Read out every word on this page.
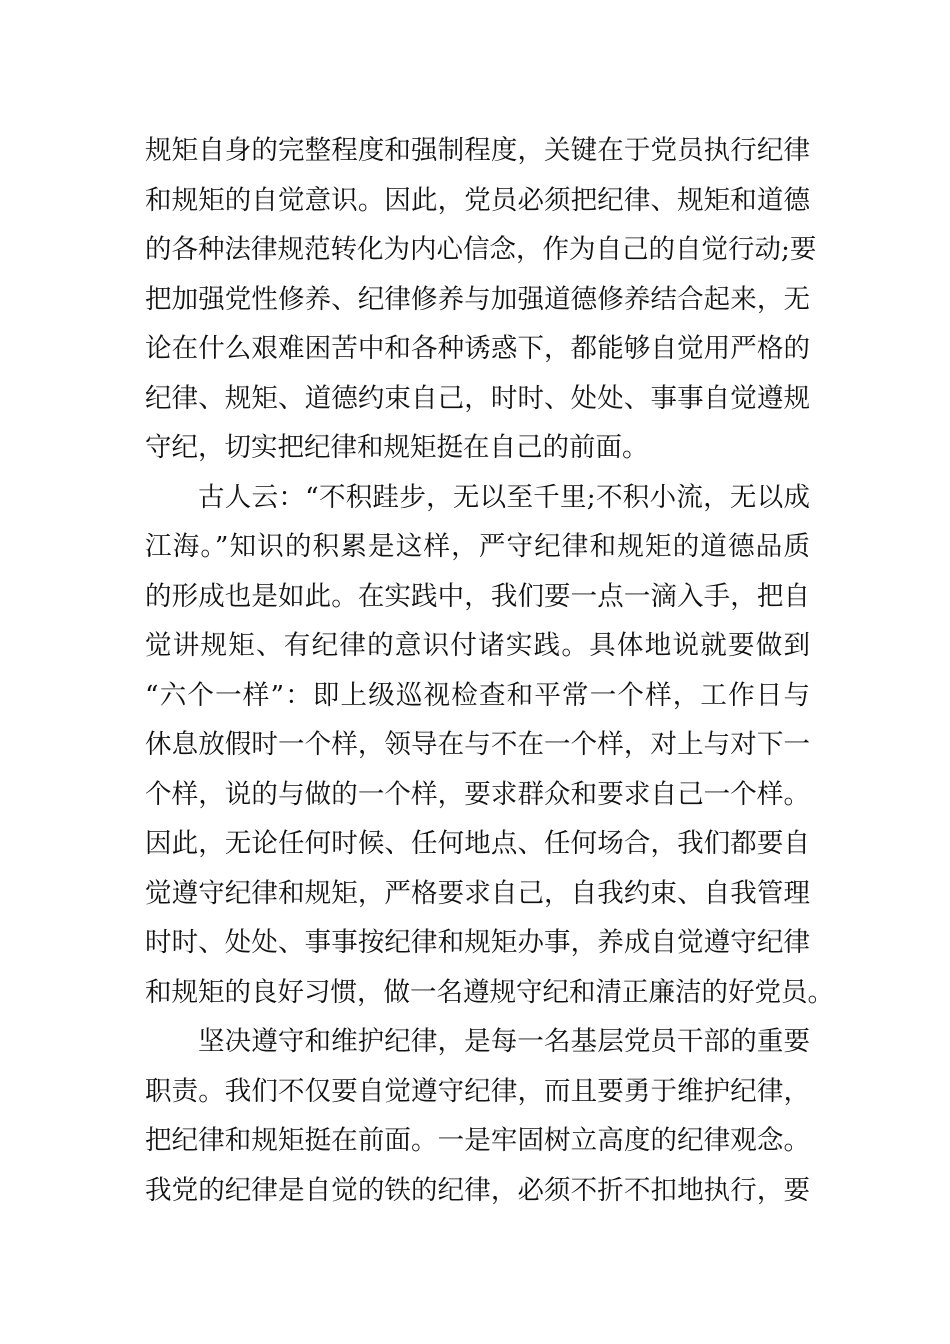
规矩自身的完整程度和强制程度，关键在于党员执行纪律
和规矩的自觉意识。因此，党员必须把纪律、规矩和道德
的各种法律规范转化为内心信念，作为自己的自觉行动;要
把加强党性修养、纪律修养与加强道德修养结合起来，无
论在什么艰难困苦中和各种诱惑下，都能够自觉用严格的
纪律、规矩、道德约束自己，时时、处处、事事自觉遵规
守纪，切实把纪律和规矩挺在自己的前面。
古人云：“不积跬步，无以至千里;不积小流，无以成
江海。”知识的积累是这样，严守纪律和规矩的道德品质
的形成也是如此。在实践中，我们要一点一滴入手，把自
觉讲规矩、有纪律的意识付诸实践。具体地说就要做到
“六个一样”：即上级巡视检查和平常一个样，工作日与
休息放假时一个样，领导在与不在一个样，对上与对下一
个样，说的与做的一个样，要求群众和要求自己一个样。
因此，无论任何时候、任何地点、任何场合，我们都要自
觉遵守纪律和规矩，严格要求自己，自我约束、自我管理
时时、处处、事事按纪律和规矩办事，养成自觉遵守纪律
和规矩的良好习惯，做一名遵规守纪和清正廉洁的好党员。
坚决遵守和维护纪律，是每一名基层党员干部的重要
职责。我们不仅要自觉遵守纪律，而且要勇于维护纪律，
把纪律和规矩挺在前面。一是牢固树立高度的纪律观念。
我党的纪律是自觉的铁的纪律，必须不折不扣地执行，要
